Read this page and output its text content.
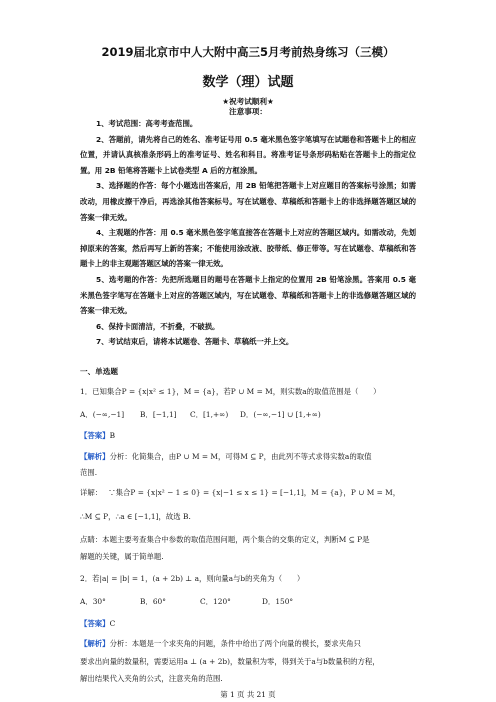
2019届北京市中人大附中高三5月考前热身练习（三模）
数学（理）试题
★祝考试顺利★
注意事项：

1、考试范围：高考考查范围。

2、答题前，请先将自己的姓名、准考证号用 0.5 毫米黑色签字笔填写在试题卷和答题卡上的相应位置，并请认真核准条形码上的准考证号、姓名和科目。将准考证号条形码粘贴在答题卡上的指定位置。用 2B 铅笔将答题卡上试卷类型 A 后的方框涂黑。

3、选择题的作答：每个小题选出答案后，用 2B 铅笔把答题卡上对应题目的答案标号涂黑；如需改动，用橡皮擦干净后，再选涂其他答案标号。写在试题卷、草稿纸和答题卡上的非选择题答题区域的答案一律无效。

4、主观题的作答：用 0.5 毫米黑色签字笔直接答在答题卡上对应的答题区域内。如需改动，先划掉原来的答案，然后再写上新的答案；不能使用涂改液、胶带纸、修正带等。写在试题卷、草稿纸和答题卡上的非主观题答题区域的答案一律无效。

5、选考题的作答：先把所选题目的题号在答题卡上指定的位置用 2B 铅笔涂黑。答案用 0.5 毫米黑色签字笔写在答题卡上对应的答题区域内，写在试题卷、草稿纸和答题卡上的非选修题答题区域的答案一律无效。

6、保持卡面清洁，不折叠，不破损。

7、考试结束后，请将本试题卷、答题卡、草稿纸一并上交。

一、单选题
1．已知集合P = {x|x² ≤ 1}，M = {a}，若P ∪ M = M，则实数a的取值范围是（　　）
A．(−∞,−1] B．[−1,1] C．[1,+∞) D．(−∞,−1] ∪ [1,+∞)
【答案】B
【解析】分析：化简集合，由P ∪ M = M，可得M ⊆ P，由此列不等式求得实数a的取值
范围.
详解： ∵集合P = {x|x² − 1 ≤ 0} = {x|−1 ≤ x ≤ 1} = [−1,1]，M = {a}，P ∪ M = M，
∴M ⊆ P，∴a ∈ [−1,1]，故选 B.
点睛：本题主要考查集合中参数的取值范围问题，两个集合的交集的定义，判断M ⊆ P是
解题的关键，属于简单题.
2．若|a| = |b| = 1，(a + 2b) ⊥ a，则向量a与b的夹角为（　　）
A．30°	B．60°	C．120°	D．150°
【答案】C
【解析】分析：本题是一个求夹角的问题，条件中给出了两个向量的模长，要求夹角只
要求出向量的数量积，需要运用a ⊥ (a + 2b)，数量积为零，得到关于a与b数量积的方程，
解出结果代入夹角的公式，注意夹角的范围.
第 1 页 共 21 页
